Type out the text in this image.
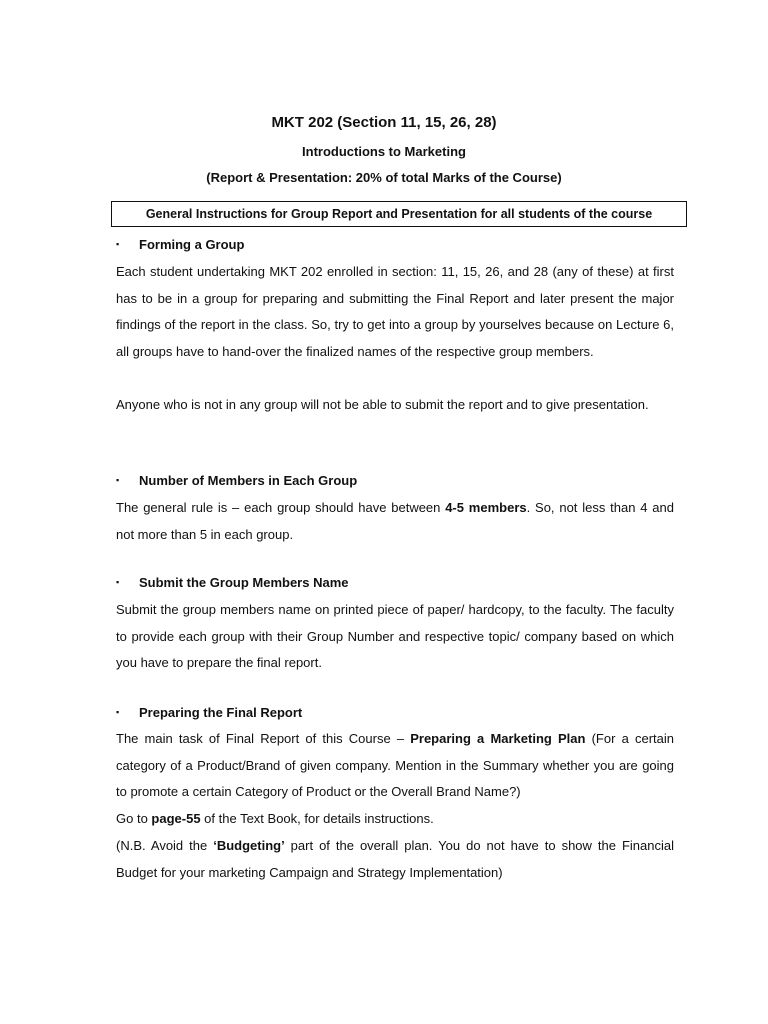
MKT 202 (Section 11, 15, 26, 28)
Introductions to Marketing
(Report & Presentation: 20% of total Marks of the Course)
General Instructions for Group Report and Presentation for all students of the course
▪ Forming a Group

Each student undertaking MKT 202 enrolled in section: 11, 15, 26, and 28 (any of these) at first has to be in a group for preparing and submitting the Final Report and later present the major findings of the report in the class. So, try to get into a group by yourselves because on Lecture 6, all groups have to hand-over the finalized names of the respective group members.

Anyone who is not in any group will not be able to submit the report and to give presentation.

▪ Number of Members in Each Group

The general rule is – each group should have between 4-5 members. So, not less than 4 and not more than 5 in each group.

▪ Submit the Group Members Name

Submit the group members name on printed piece of paper/ hardcopy, to the faculty. The faculty to provide each group with their Group Number and respective topic/ company based on which you have to prepare the final report.

▪ Preparing the Final Report

The main task of Final Report of this Course – Preparing a Marketing Plan (For a certain category of a Product/Brand of given company. Mention in the Summary whether you are going to promote a certain Category of Product or the Overall Brand Name?)

Go to page-55 of the Text Book, for details instructions.

(N.B. Avoid the ‘Budgeting’ part of the overall plan. You do not have to show the Financial Budget for your marketing Campaign and Strategy Implementation)
